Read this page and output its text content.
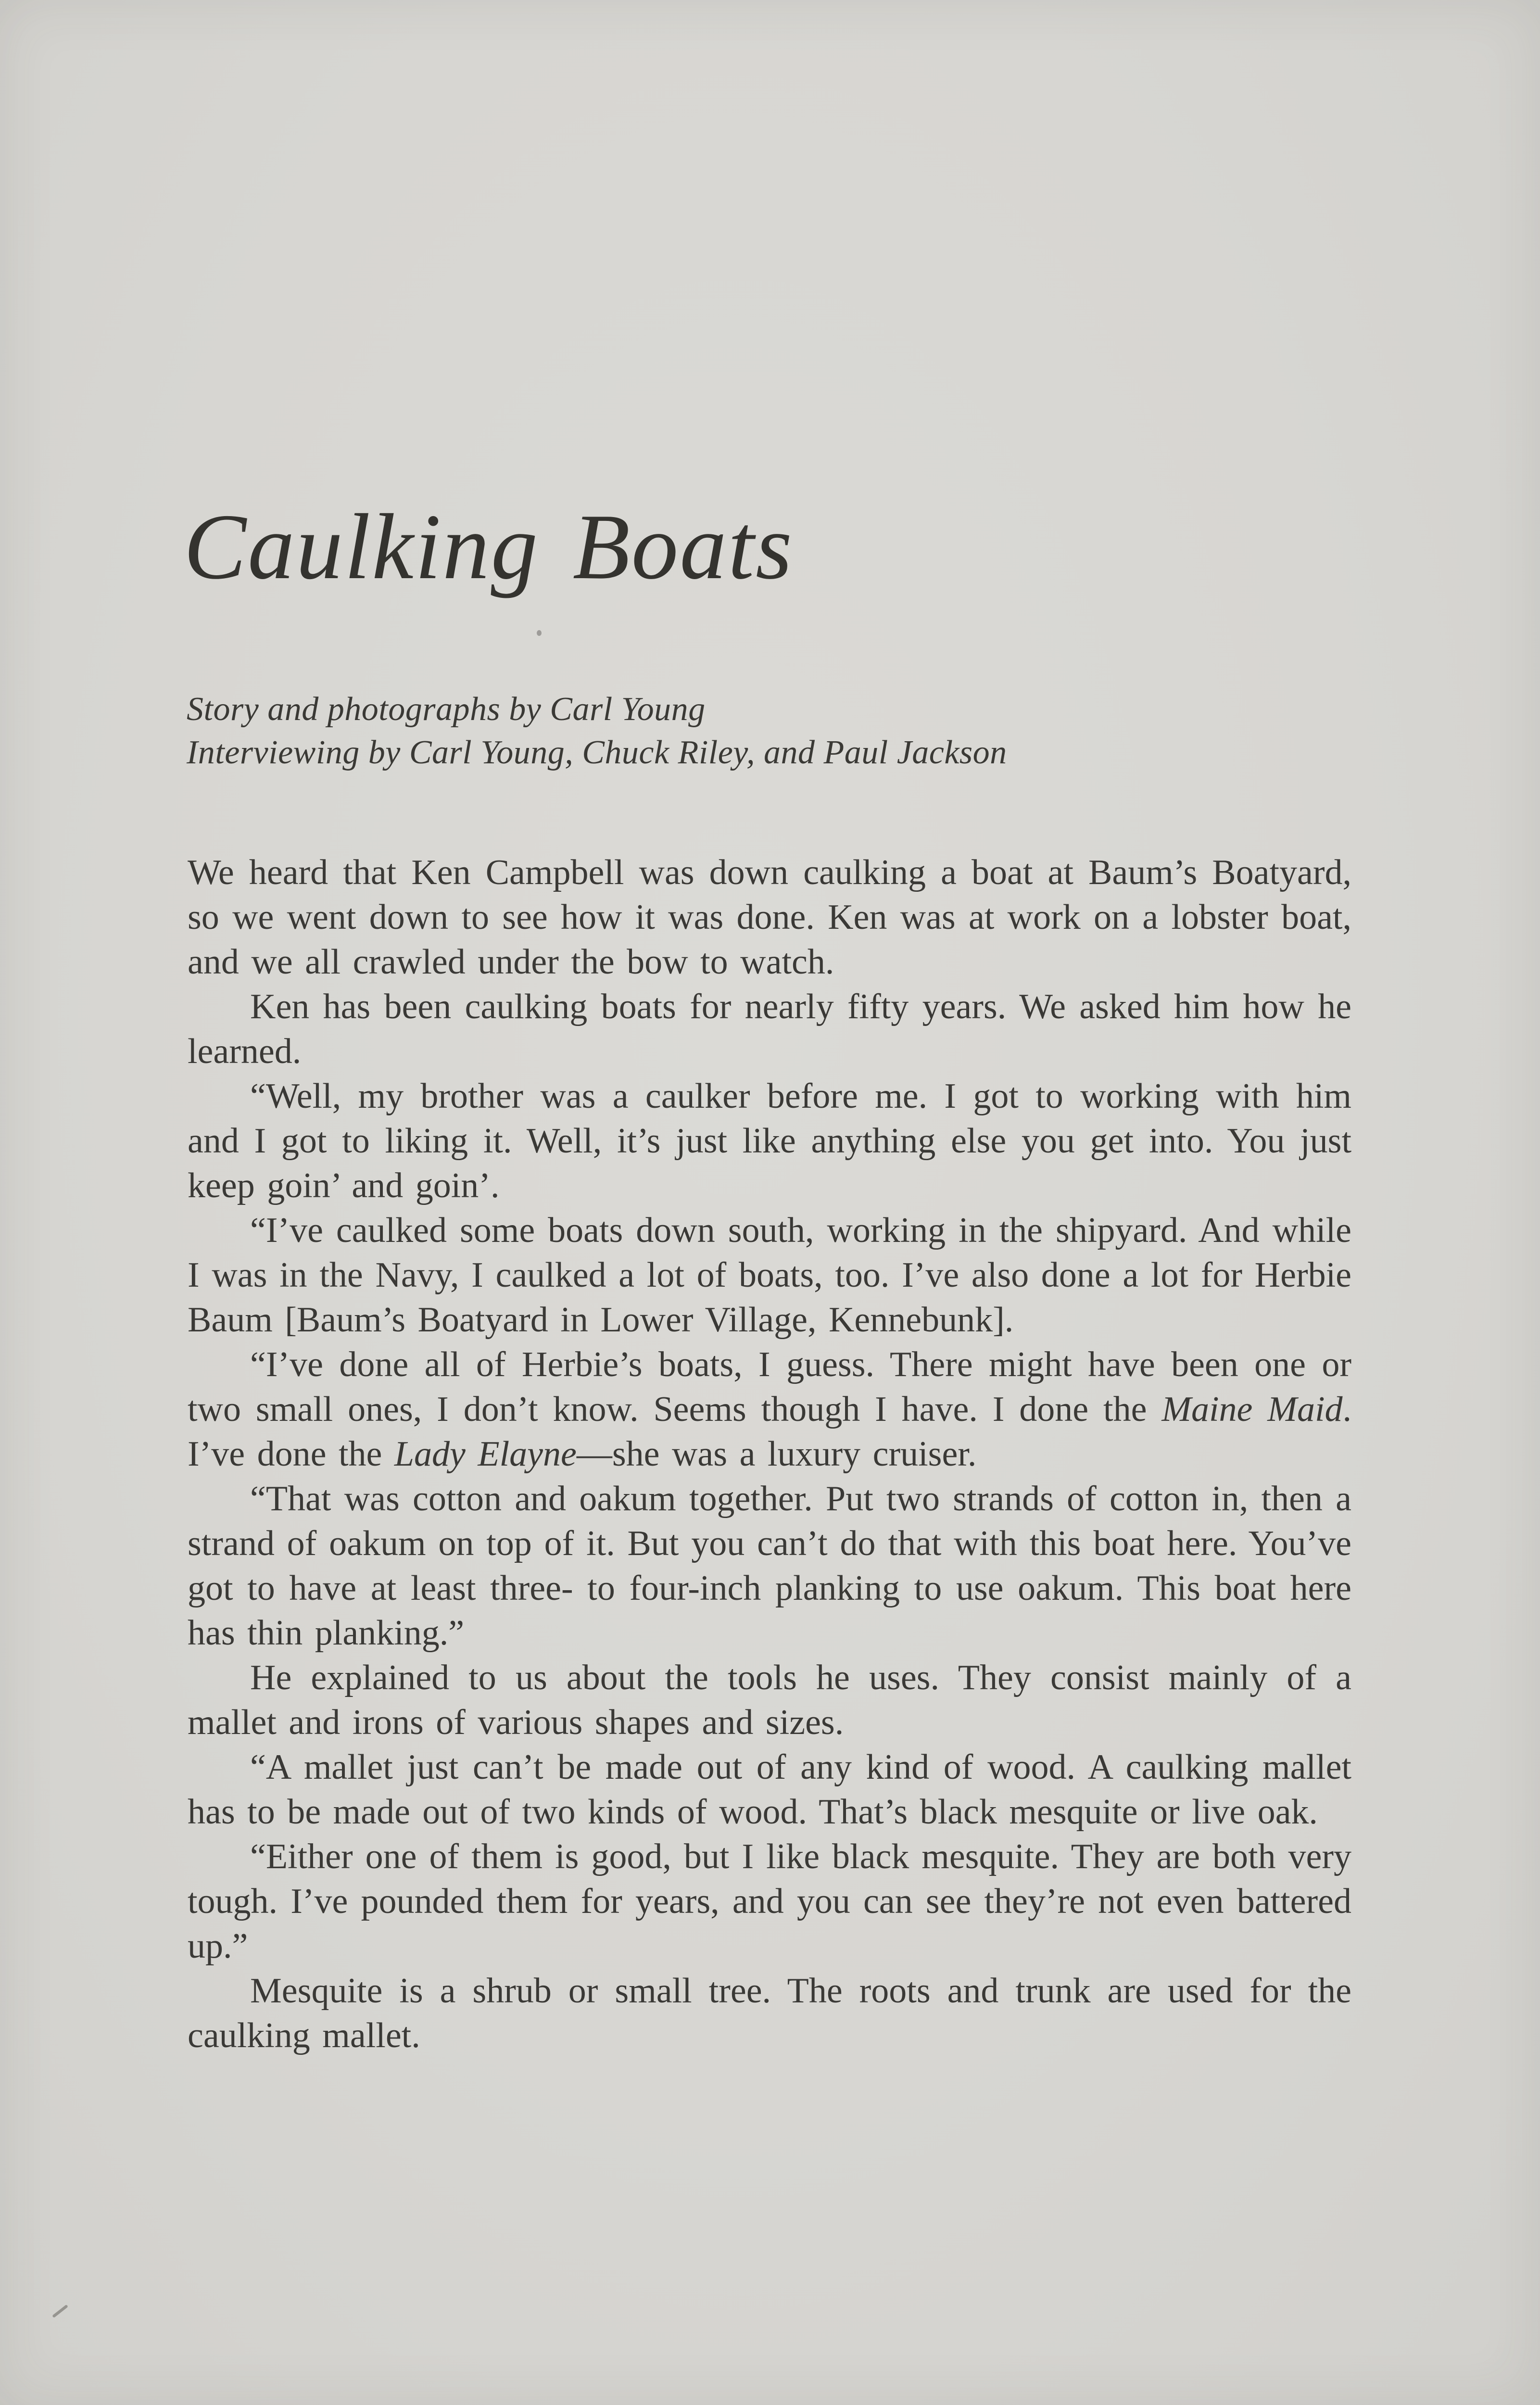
Caulking Boats
Story and photographs by Carl Young
Interviewing by Carl Young, Chuck Riley, and Paul Jackson

We heard that Ken Campbell was down caulking a boat at Baum’s Boatyard, so we went down to see how it was done. Ken was at work on a lobster boat, and we all crawled under the bow to watch.

Ken has been caulking boats for nearly fifty years. We asked him how he learned.

“Well, my brother was a caulker before me. I got to working with him and I got to liking it. Well, it’s just like anything else you get into. You just keep goin’ and goin’.

“I’ve caulked some boats down south, working in the shipyard. And while I was in the Navy, I caulked a lot of boats, too. I’ve also done a lot for Herbie Baum [Baum’s Boatyard in Lower Village, Kennebunk].

“I’ve done all of Herbie’s boats, I guess. There might have been one or two small ones, I don’t know. Seems though I have. I done the Maine Maid. I’ve done the Lady Elayne—she was a luxury cruiser.

“That was cotton and oakum together. Put two strands of cotton in, then a strand of oakum on top of it. But you can’t do that with this boat here. You’ve got to have at least three- to four-inch planking to use oakum. This boat here has thin planking.”

He explained to us about the tools he uses. They consist mainly of a mallet and irons of various shapes and sizes.

“A mallet just can’t be made out of any kind of wood. A caulking mallet has to be made out of two kinds of wood. That’s black mesquite or live oak.

“Either one of them is good, but I like black mesquite. They are both very tough. I’ve pounded them for years, and you can see they’re not even battered up.”

Mesquite is a shrub or small tree. The roots and trunk are used for the caulking mallet.
